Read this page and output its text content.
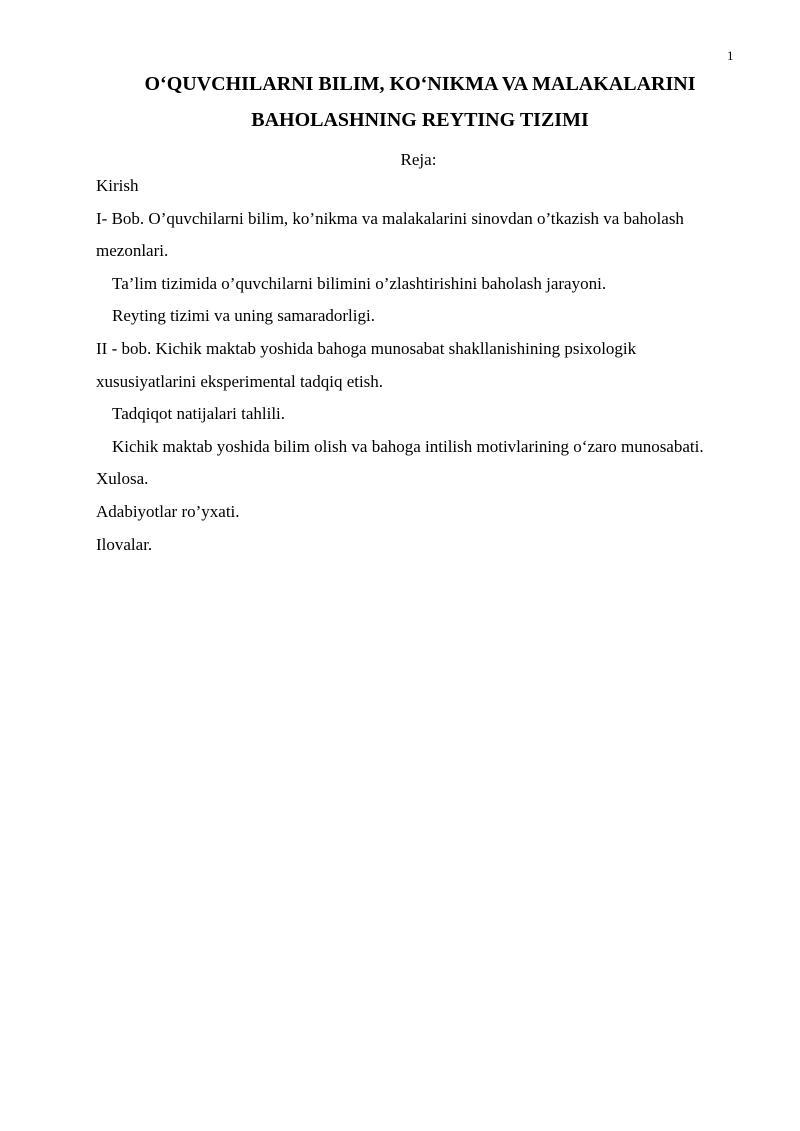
1
O‘QUVCHILARNI BILIM, KO‘NIKMA VA MALAKALARINI
BAHOLASHNING REYTING TIZIMI
Reja:

Kirish

I- Bob. O’quvchilarni bilim, ko’nikma va malakalarini sinovdan o’tkazish va baholash mezonlari.

Ta’lim tizimida o’quvchilarni bilimini o’zlashtirishini baholash jarayoni.

Reyting tizimi va uning samaradorligi.

II - bob. Kichik maktab yoshida bahoga munosabat shakllanishining psixologik xususiyatlarini eksperimental tadqiq etish.

Tadqiqot natijalari tahlili.

Kichik maktab yoshida bilim olish va bahoga intilish motivlarining o‘zaro munosabati.

Xulosa.

Adabiyotlar ro’yxati.

Ilovalar.
